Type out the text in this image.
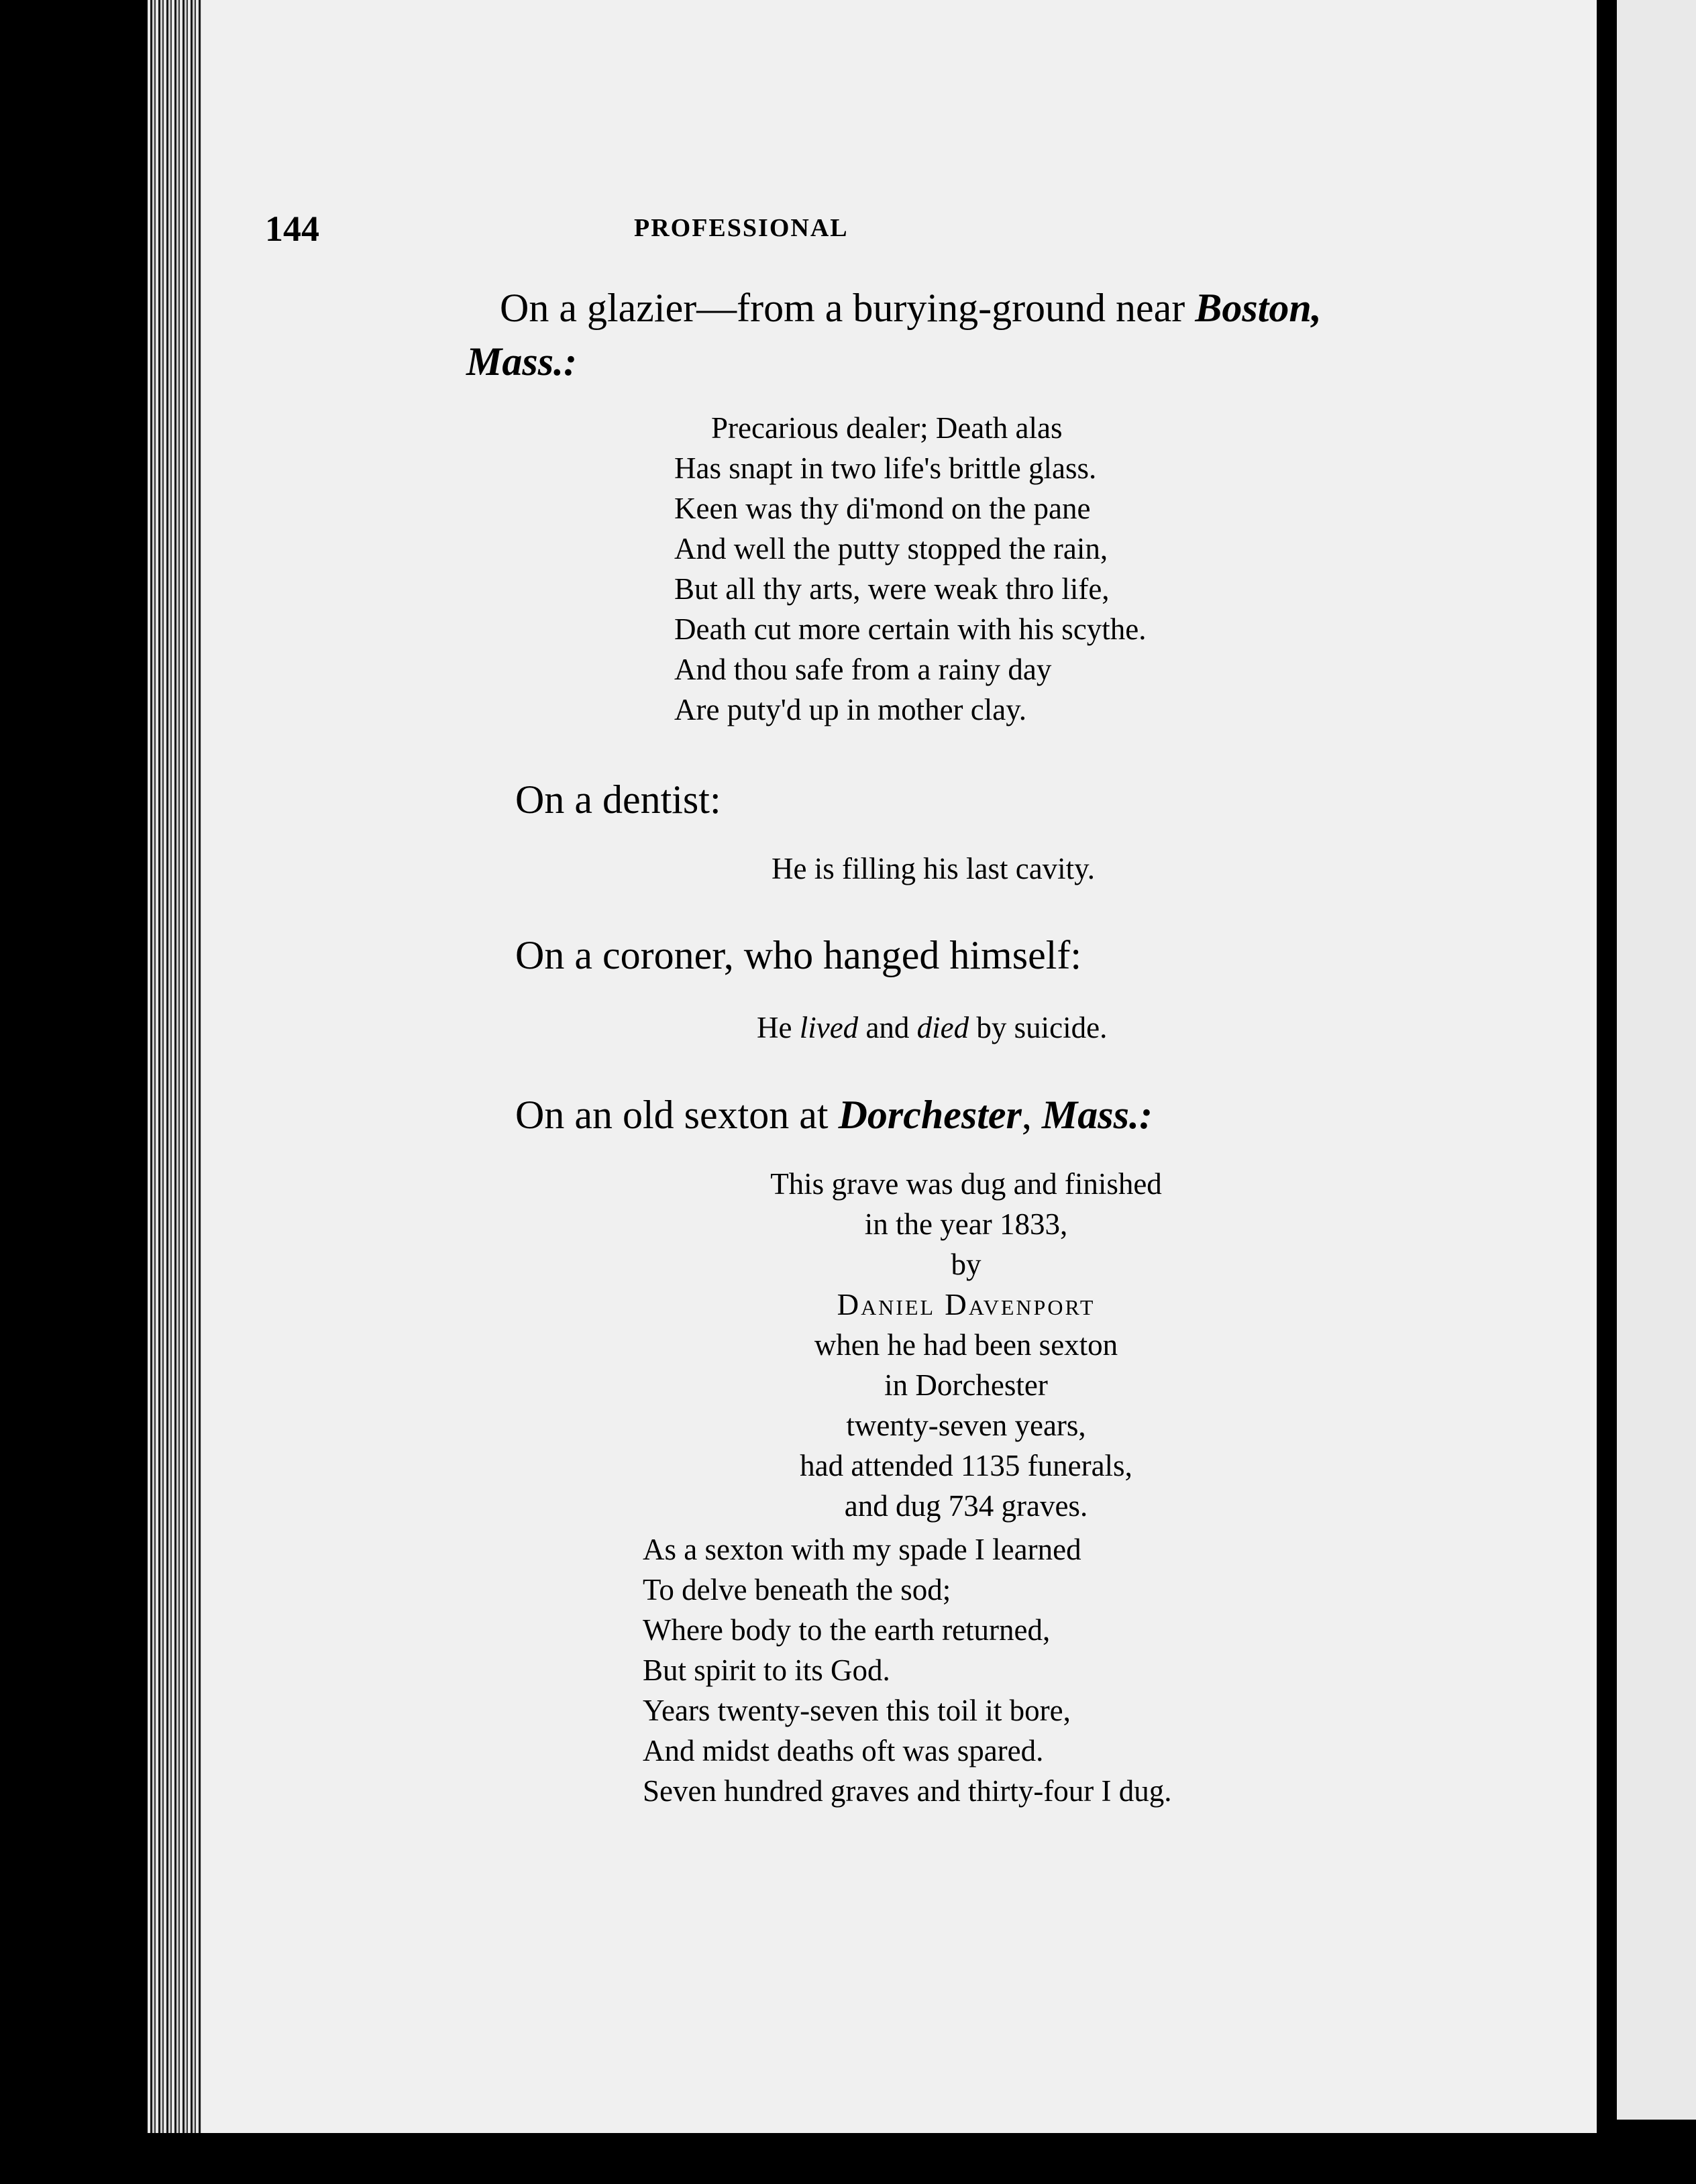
144	PROFESSIONAL
On a glazier—from a burying-ground near Boston,
Mass.:
Precarious dealer; Death alas
Has snapt in two life's brittle glass.
Keen was thy di'mond on the pane
And well the putty stopped the rain,
But all thy arts, were weak thro life,
Death cut more certain with his scythe.
And thou safe from a rainy day
Are puty'd up in mother clay.
On a dentist:
He is filling his last cavity.
On a coroner, who hanged himself:
He lived and died by suicide.
On an old sexton at Dorchester, Mass.:
This grave was dug and finished
in the year 1833,
by
Daniel Davenport
when he had been sexton
in Dorchester
twenty-seven years,
had attended 1135 funerals,
and dug 734 graves.
As a sexton with my spade I learned
To delve beneath the sod;
Where body to the earth returned,
But spirit to its God.
Years twenty-seven this toil it bore,
And midst deaths oft was spared.
Seven hundred graves and thirty-four I dug.
